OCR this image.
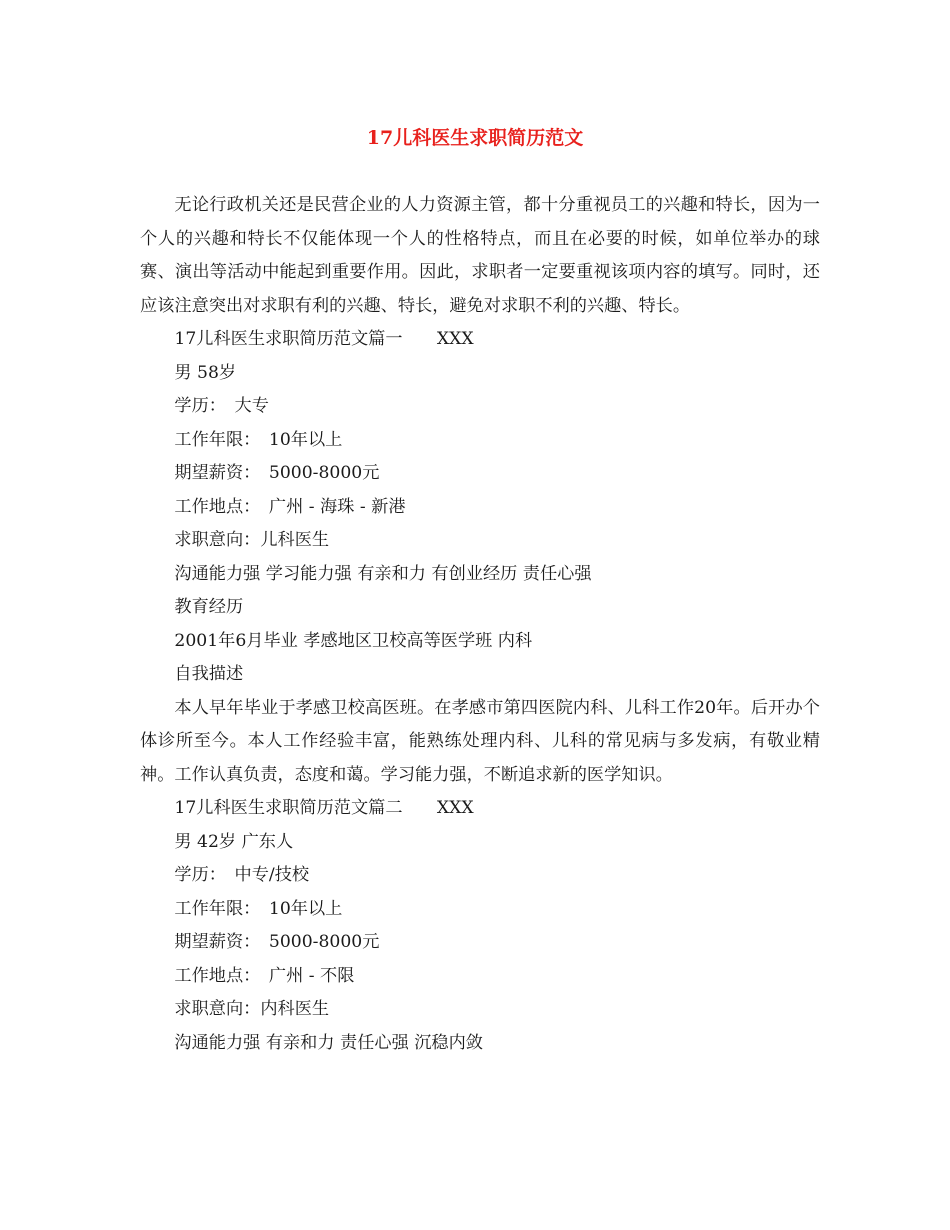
17儿科医生求职简历范文

无论行政机关还是民营企业的人力资源主管，都十分重视员工的兴趣和特长，因为一个人的兴趣和特长不仅能体现一个人的性格特点，而且在必要的时候，如单位举办的球赛、演出等活动中能起到重要作用。因此，求职者一定要重视该项内容的填写。同时，还应该注意突出对求职有利的兴趣、特长，避免对求职不利的兴趣、特长。

17儿科医生求职简历范文篇一　　XXX

男 58岁

学历：　大专

工作年限：　10年以上

期望薪资：　5000-8000元

工作地点：　广州 - 海珠 - 新港

求职意向：儿科医生

沟通能力强 学习能力强 有亲和力 有创业经历 责任心强

教育经历

2001年6月毕业 孝感地区卫校高等医学班 内科

自我描述

本人早年毕业于孝感卫校高医班。在孝感市第四医院内科、儿科工作20年。后开办个体诊所至今。本人工作经验丰富，能熟练处理内科、儿科的常见病与多发病，有敬业精神。工作认真负责，态度和蔼。学习能力强，不断追求新的医学知识。

17儿科医生求职简历范文篇二　　XXX

男 42岁 广东人

学历：　中专/技校

工作年限：　10年以上

期望薪资：　5000-8000元

工作地点：　广州 - 不限

求职意向：内科医生

沟通能力强 有亲和力 责任心强 沉稳内敛
